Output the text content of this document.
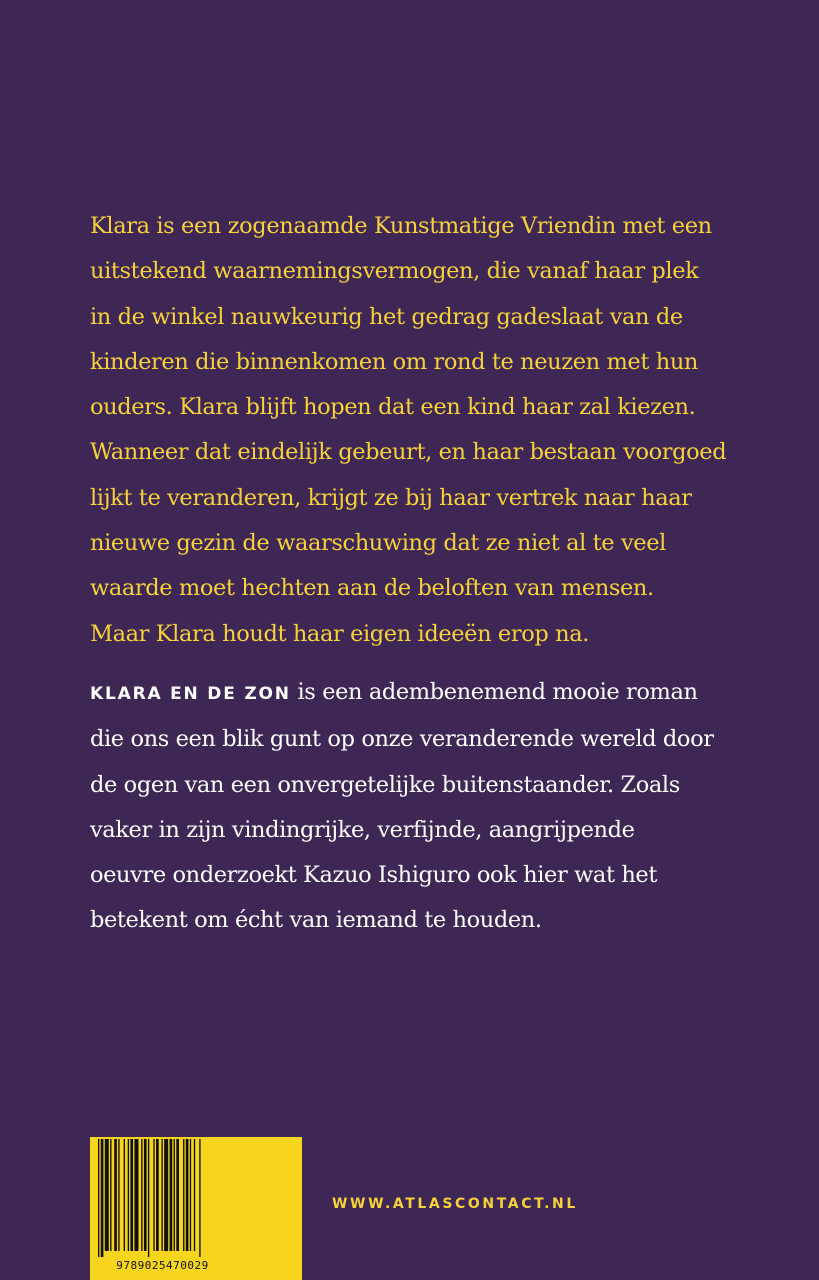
Klara is een zogenaamde Kunstmatige Vriendin met een
uitstekend waarnemingsvermogen, die vanaf haar plek
in de winkel nauwkeurig het gedrag gadeslaat van de
kinderen die binnenkomen om rond te neuzen met hun
ouders. Klara blijft hopen dat een kind haar zal kiezen.
Wanneer dat eindelijk gebeurt, en haar bestaan voorgoed
lijkt te veranderen, krijgt ze bij haar vertrek naar haar
nieuwe gezin de waarschuwing dat ze niet al te veel
waarde moet hechten aan de beloften van mensen.
Maar Klara houdt haar eigen ideeën erop na.

KLARA EN DE ZON is een adembenemend mooie roman
die ons een blik gunt op onze veranderende wereld door
de ogen van een onvergetelijke buitenstaander. Zoals
vaker in zijn vindingrijke, verfijnde, aangrijpende
oeuvre onderzoekt Kazuo Ishiguro ook hier wat het
betekent om écht van iemand te houden.

9789025470029
WWW.ATLASCONTACT.NL
